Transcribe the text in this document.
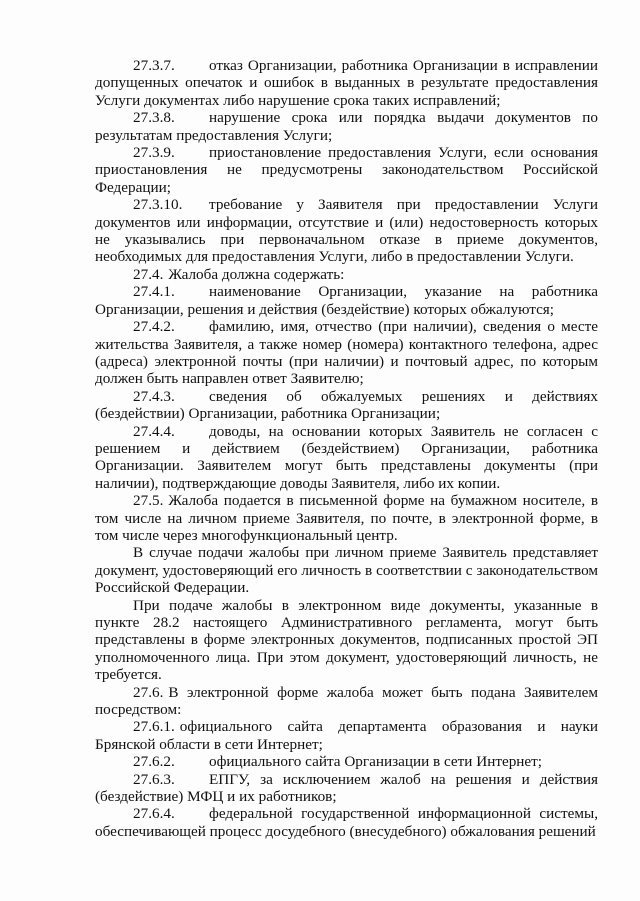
27.3.7. отказ Организации, работника Организации в исправлении допущенных опечаток и ошибок в выданных в результате предоставления Услуги документах либо нарушение срока таких исправлений;

27.3.8. нарушение срока или порядка выдачи документов по результатам предоставления Услуги;

27.3.9. приостановление предоставления Услуги, если основания приостановления не предусмотрены законодательством Российской Федерации;

27.3.10. требование у Заявителя при предоставлении Услуги документов или информации, отсутствие и (или) недостоверность которых не указывались при первоначальном отказе в приеме документов, необходимых для предоставления Услуги, либо в предоставлении Услуги.

27.4. Жалоба должна содержать:

27.4.1. наименование Организации, указание на работника Организации, решения и действия (бездействие) которых обжалуются;

27.4.2. фамилию, имя, отчество (при наличии), сведения о месте жительства Заявителя, а также номер (номера) контактного телефона, адрес (адреса) электронной почты (при наличии) и почтовый адрес, по которым должен быть направлен ответ Заявителю;

27.4.3. сведения об обжалуемых решениях и действиях (бездействии) Организации, работника Организации;

27.4.4. доводы, на основании которых Заявитель не согласен с решением и действием (бездействием) Организации, работника Организации. Заявителем могут быть представлены документы (при наличии), подтверждающие доводы Заявителя, либо их копии.

27.5. Жалоба подается в письменной форме на бумажном носителе, в том числе на личном приеме Заявителя, по почте, в электронной форме, в том числе через многофункциональный центр.

В случае подачи жалобы при личном приеме Заявитель представляет документ, удостоверяющий его личность в соответствии с законодательством Российской Федерации.

При подаче жалобы в электронном виде документы, указанные в пункте 28.2 настоящего Административного регламента, могут быть представлены в форме электронных документов, подписанных простой ЭП уполномоченного лица. При этом документ, удостоверяющий личность, не требуется.

27.6. В электронной форме жалоба может быть подана Заявителем посредством:

27.6.1. официального сайта департамента образования и науки Брянской области в сети Интернет;

27.6.2. официального сайта Организации в сети Интернет;

27.6.3. ЕПГУ, за исключением жалоб на решения и действия (бездействие) МФЦ и их работников;

27.6.4. федеральной государственной информационной системы, обеспечивающей процесс досудебного (внесудебного) обжалования решений
